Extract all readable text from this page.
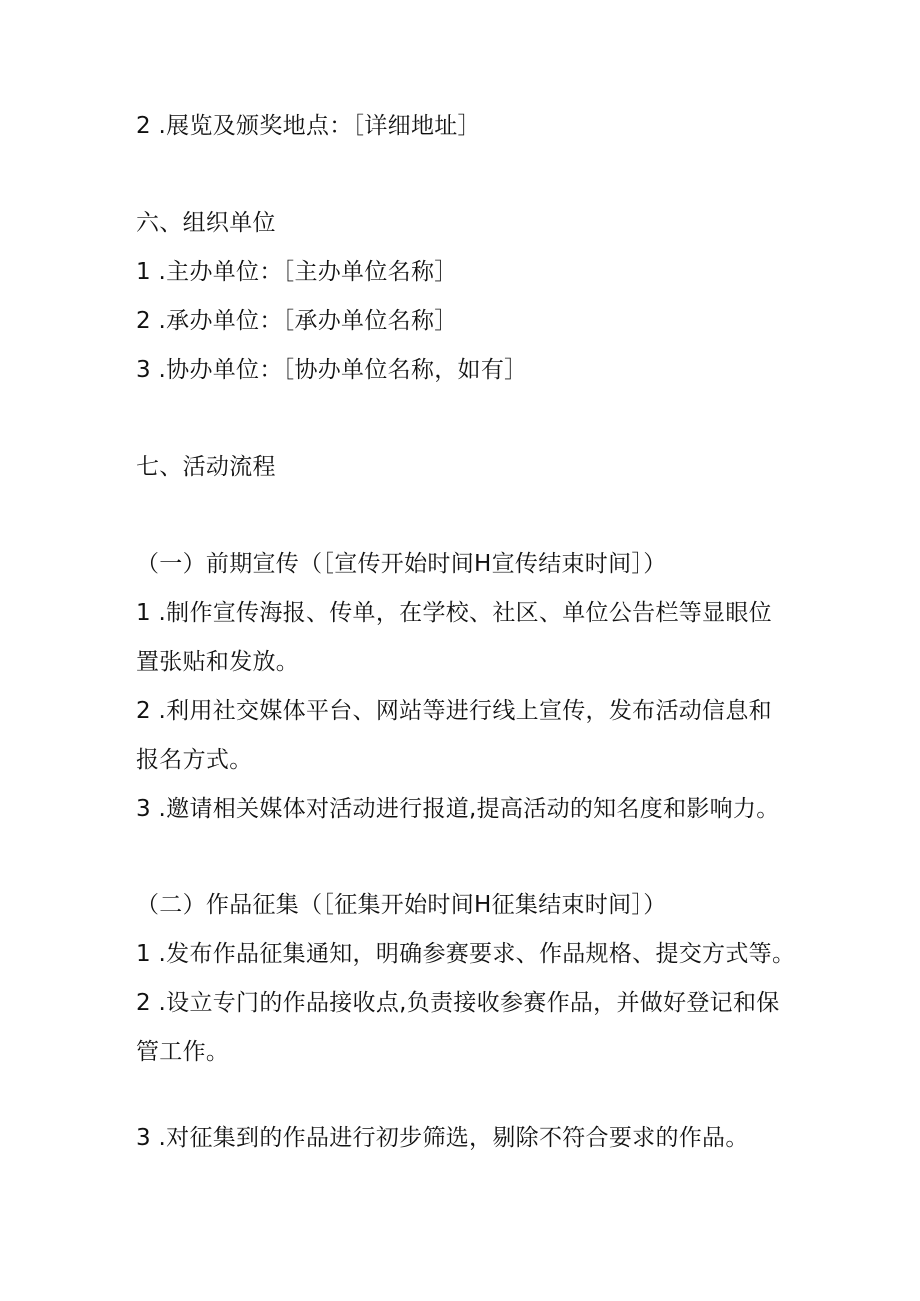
2 .展览及颁奖地点：［详细地址］
六、组织单位
1 .主办单位：［主办单位名称］
2 .承办单位：［承办单位名称］
3 .协办单位：［协办单位名称，如有］
七、活动流程
（一）前期宣传（［宣传开始时间H宣传结束时间］）
1 .制作宣传海报、传单，在学校、社区、单位公告栏等显眼位
置张贴和发放。
2 .利用社交媒体平台、网站等进行线上宣传，发布活动信息和
报名方式。
3 .邀请相关媒体对活动进行报道,提高活动的知名度和影响力。
（二）作品征集（［征集开始时间H征集结束时间］）
1 .发布作品征集通知，明确参赛要求、作品规格、提交方式等。
2 .设立专门的作品接收点,负责接收参赛作品，并做好登记和保
管工作。
3 .对征集到的作品进行初步筛选，剔除不符合要求的作品。
